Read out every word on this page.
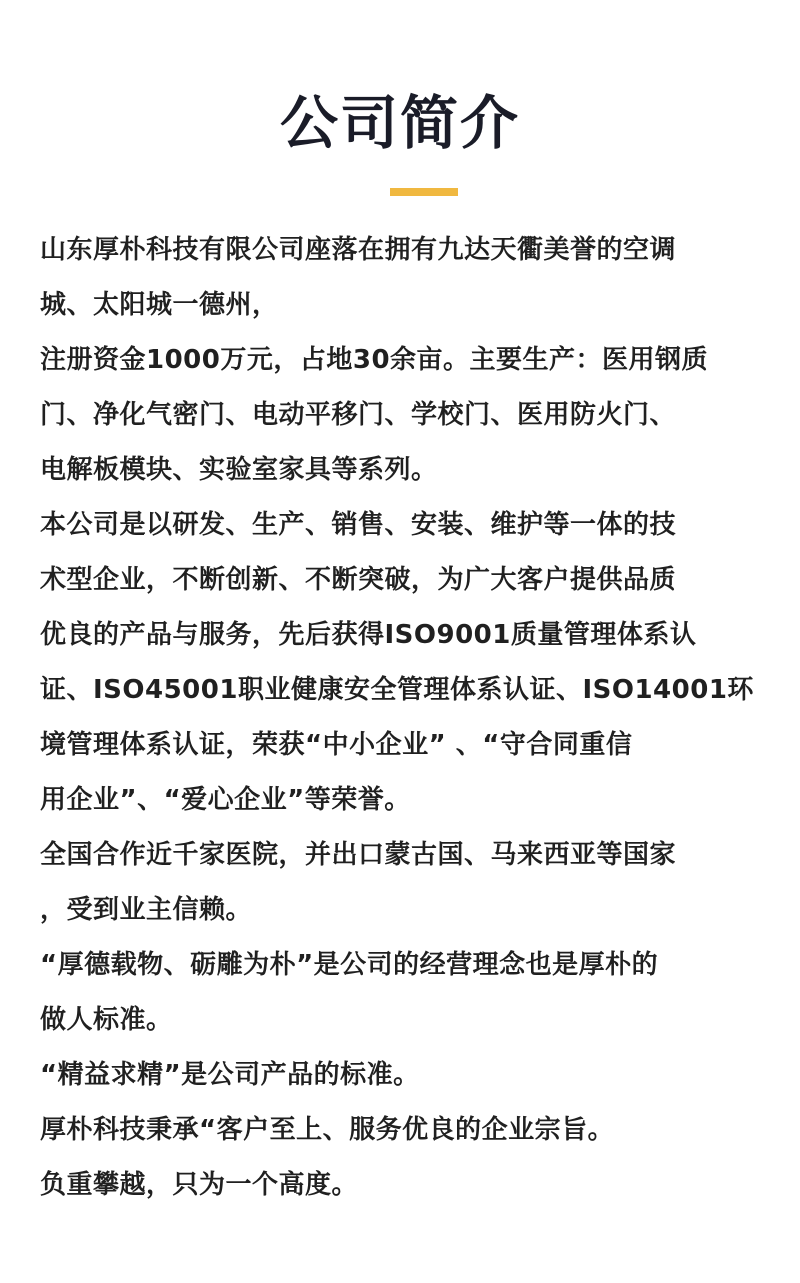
公司简介
山东厚朴科技有限公司座落在拥有九达天衢美誉的空调
城、太阳城一德州，
注册资金1000万元，占地30余亩。主要生产：医用钢质
门、净化气密门、电动平移门、学校门、医用防火门、
电解板模块、实验室家具等系列。
本公司是以研发、生产、销售、安装、维护等一体的技
术型企业，不断创新、不断突破，为广大客户提供品质
优良的产品与服务，先后获得ISO9001质量管理体系认
证、ISO45001职业健康安全管理体系认证、ISO14001环
境管理体系认证，荣获“中小企业” 、“守合同重信
用企业”、“爱心企业”等荣誉。
全国合作近千家医院，并出口蒙古国、马来西亚等国家
，受到业主信赖。
“厚德载物、砺雕为朴”是公司的经营理念也是厚朴的
做人标准。
“精益求精”是公司产品的标准。
厚朴科技秉承“客户至上、服务优良的企业宗旨。
负重攀越，只为一个高度。
